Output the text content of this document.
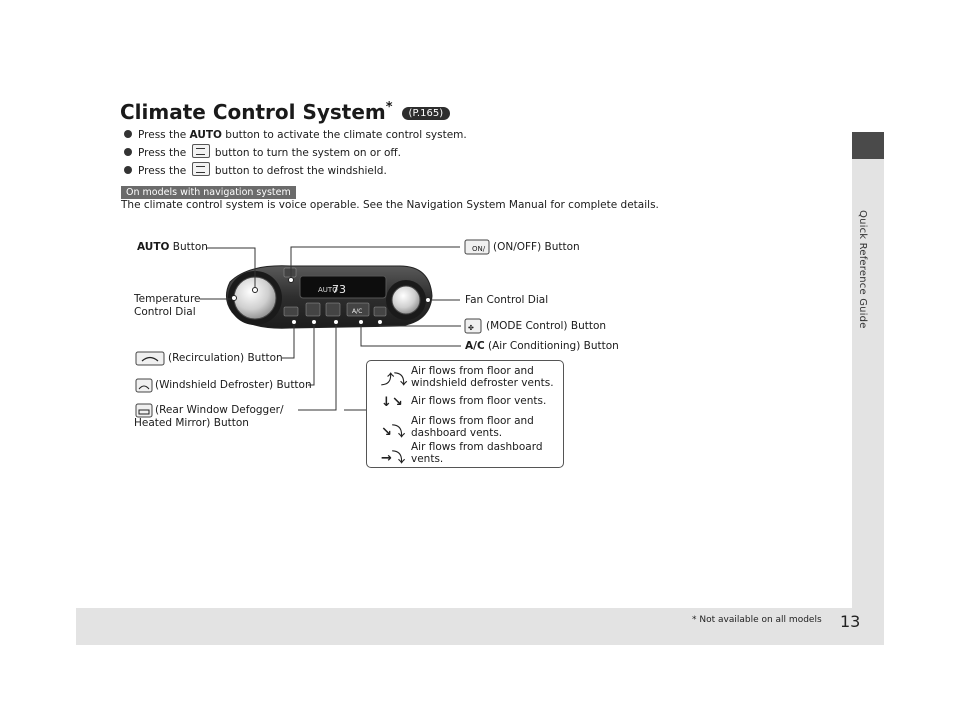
Quick Reference Guide
13
* Not available on all models
Climate Control System* (P.165)
Press the AUTO button to activate the climate control system.
Press the  button to turn the system on or off.
Press the  button to defrost the windshield.
On models with navigation system
The climate control system is voice operable. See the Navigation System Manual for complete details.
AUTO
73
A/C
ON/
✤
AUTO Button	(ON/OFF) Button
Temperature
Control Dial
Fan Control Dial
(MODE Control) Button
A/C (Air Conditioning) Button
(Recirculation) Button
(Windshield Defroster) Button
(Rear Window Defogger/
Heated Mirror) Button
⤴⤵
Air flows from floor and
windshield defroster vents.
↓↘ Air flows from floor vents.
↘⤵
Air flows from floor and
dashboard vents.
→⤵
Air flows from dashboard
vents.
